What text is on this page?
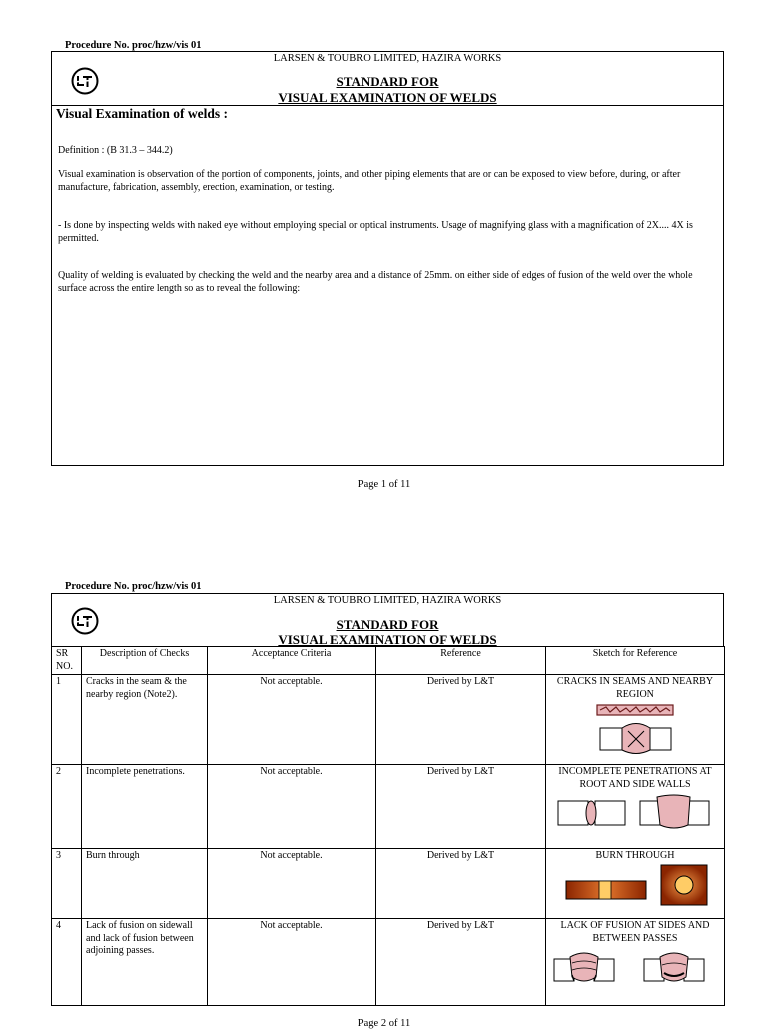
Procedure No. proc/hzw/vis 01
LARSEN & TOUBRO LIMITED, HAZIRA WORKS
STANDARD FOR
VISUAL EXAMINATION OF WELDS
Visual Examination of welds :
Definition : (B 31.3 – 344.2)
Visual examination is observation of the portion of components, joints, and other piping elements that are or can be exposed to view before, during, or after manufacture, fabrication, assembly, erection, examination, or testing.
- Is done by inspecting welds with naked eye without employing special or optical instruments. Usage of magnifying glass with a magnification of 2X.... 4X is permitted.
Quality of welding is evaluated by checking the weld and the nearby area and a distance of 25mm. on either side of edges of fusion of the weld over the whole surface across the entire length so as to reveal the following:
Page 1 of 11
Procedure No. proc/hzw/vis 01
LARSEN & TOUBRO LIMITED, HAZIRA WORKS
STANDARD FOR
VISUAL EXAMINATION OF WELDS
SR NO.	Description of Checks	Acceptance Criteria	Reference	Sketch for Reference
1	Cracks in the seam & the nearby region (Note2).	Not acceptable.	Derived by L&T	CRACKS IN SEAMS AND NEARBY REGION

2	Incomplete penetrations.	Not acceptable.	Derived by L&T	INCOMPLETE PENETRATIONS AT ROOT AND SIDE WALLS

3	Burn through	Not acceptable.	Derived by L&T	BURN THROUGH

4	Lack of fusion on sidewall and lack of fusion between adjoining passes.	Not acceptable.	Derived by L&T	LACK OF FUSION AT SIDES AND BETWEEN PASSES
Page 2 of 11
